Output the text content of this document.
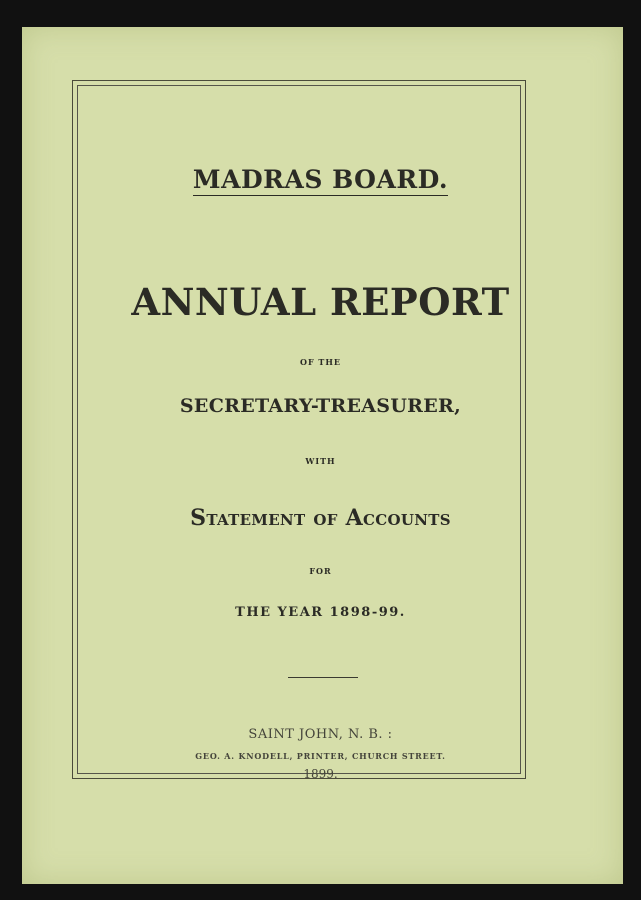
MADRAS BOARD.
ANNUAL REPORT
OF THE
SECRETARY-TREASURER,
WITH
Statement of Accounts
FOR
THE YEAR 1898-99.
SAINT JOHN, N. B. :
GEO. A. KNODELL, PRINTER, CHURCH STREET.
1899.
